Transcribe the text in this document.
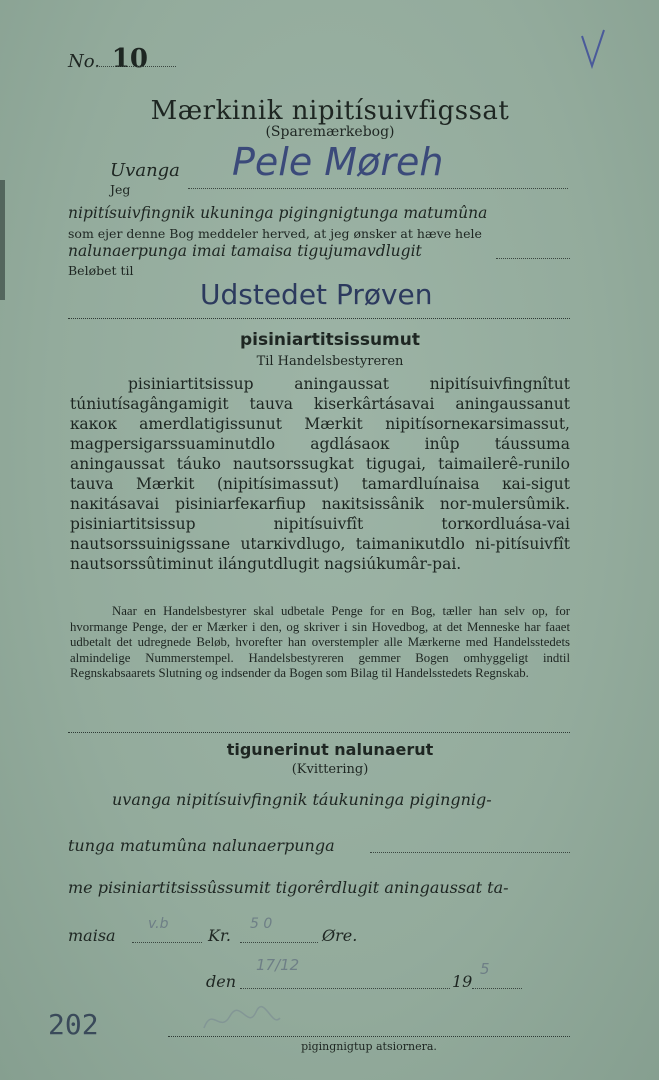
No. 10
Mærkinik nipitísuivfigssat
(Sparemærkebog)
Uvanga
Jeg
Pele Møreh
nipitísuivfingnik ukuninga pigingnigtunga matumûna
som ejer denne Bog meddeler herved, at jeg ønsker at hæve hele
nalunaerpunga imai tamaisa tigujumavdlugit
Beløbet til
Udstedet Prøven
pisiniartitsissumut
Til Handelsbestyreren

pisiniartitsissup aningaussat nipitísuivfingnîtut túniutísagângamigit tauva kiserkârtásavai aningaussanut ĸaĸoĸ amerdlatigissunut Mærkit nipitísorneĸarsimassut, magpersigarssuaminutdlo agdlásaoĸ inûp táussuma aningaussat táuko nautsorssugkat tigugai, taimailerê-runilo tauva Mærkit (nipitísimassut) tamardluínaisa ĸai-sigut naĸitásavai pisiniarfeĸarfiup naĸitsissânik nor-mulersûmik. pisiniartitsissup nipitísuivfît torĸordluása-vai nautsorssuinigssane utarĸivdlugo, taimaniĸutdlo ni-pitísuivfît nautsorssûtiminut ilángutdlugit nagsiúkumâr-pai.

Naar en Handelsbestyrer skal udbetale Penge for en Bog, tæller han selv op, for hvormange Penge, der er Mærker i den, og skriver i sin Hovedbog, at det Menneske har faaet udbetalt det udregnede Beløb, hvorefter han overstempler alle Mærkerne med Handelsstedets almindelige Nummerstempel. Handelsbestyreren gemmer Bogen omhyggeligt indtil Regnskabsaarets Slutning og indsender da Bogen som Bilag til Handelsstedets Regnskab.

tigunerinut nalunaerut
(Kvittering)
uvanga nipitísuivfingnik táukuninga pigingnig-
tunga matumûna nalunaerpunga
me pisiniartitsissûssumit tigorêrdlugit aningaussat ta-
maisa
v.b
Kr.
5 0
Øre.
den
17/12
19
5
202
pigingnigtup atsiornera.
